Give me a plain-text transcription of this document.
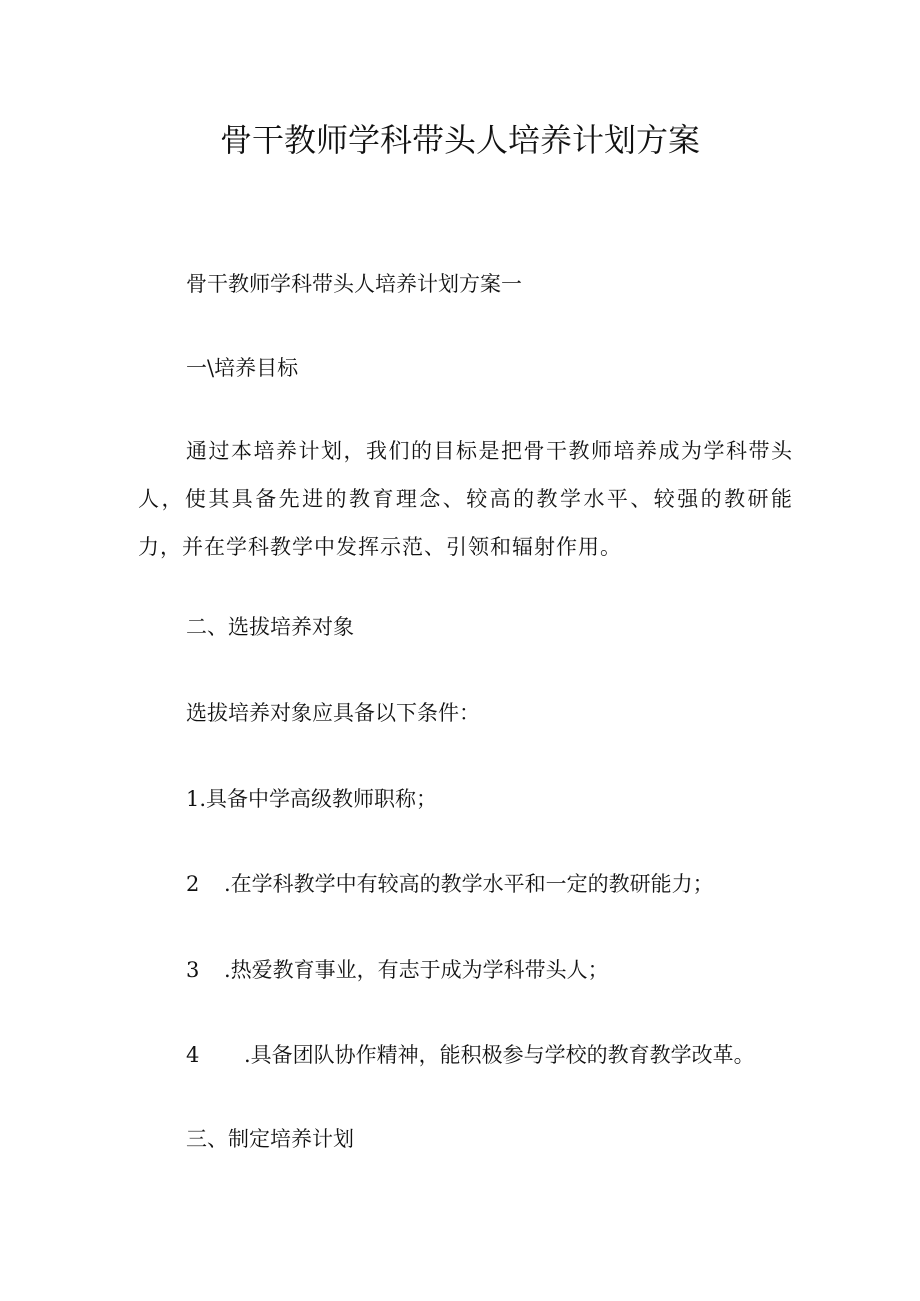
骨干教师学科带头人培养计划方案

骨干教师学科带头人培养计划方案一

一\培养目标

通过本培养计划，我们的目标是把骨干教师培养成为学科带头人，使其具备先进的教育理念、较高的教学水平、较强的教研能力，并在学科教学中发挥示范、引领和辐射作用。

二、选拔培养对象

选拔培养对象应具备以下条件：

1.具备中学高级教师职称；

2 .在学科教学中有较高的教学水平和一定的教研能力；

3 .热爱教育事业，有志于成为学科带头人；

4 .具备团队协作精神，能积极参与学校的教育教学改革。

三、制定培养计划
